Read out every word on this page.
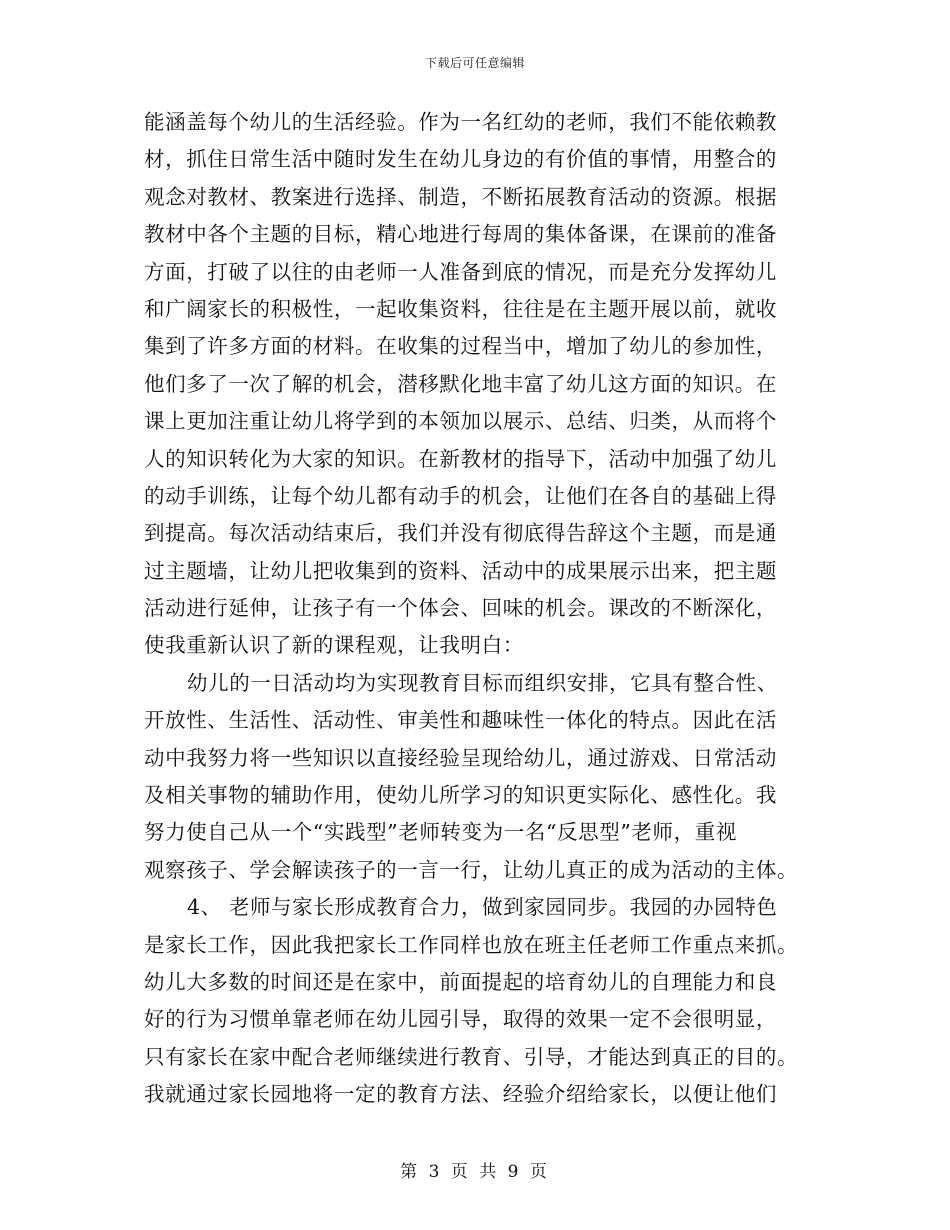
下载后可任意编辑
能涵盖每个幼儿的生活经验。作为一名红幼的老师，我们不能依赖教
材，抓住日常生活中随时发生在幼儿身边的有价值的事情，用整合的
观念对教材、教案进行选择、制造，不断拓展教育活动的资源。根据
教材中各个主题的目标，精心地进行每周的集体备课，在课前的准备
方面，打破了以往的由老师一人准备到底的情况，而是充分发挥幼儿
和广阔家长的积极性，一起收集资料，往往是在主题开展以前，就收
集到了许多方面的材料。在收集的过程当中，增加了幼儿的参加性，
他们多了一次了解的机会，潜移默化地丰富了幼儿这方面的知识。在
课上更加注重让幼儿将学到的本领加以展示、总结、归类，从而将个
人的知识转化为大家的知识。在新教材的指导下，活动中加强了幼儿
的动手训练，让每个幼儿都有动手的机会，让他们在各自的基础上得
到提高。每次活动结束后，我们并没有彻底得告辞这个主题，而是通
过主题墙，让幼儿把收集到的资料、活动中的成果展示出来，把主题
活动进行延伸，让孩子有一个体会、回味的机会。课改的不断深化，
使我重新认识了新的课程观，让我明白：
幼儿的一日活动均为实现教育目标而组织安排，它具有整合性、
开放性、生活性、活动性、审美性和趣味性一体化的特点。因此在活
动中我努力将一些知识以直接经验呈现给幼儿，通过游戏、日常活动
及相关事物的辅助作用，使幼儿所学习的知识更实际化、感性化。我
努力使自己从一个“实践型”老师转变为一名“反思型”老师，重视
观察孩子、学会解读孩子的一言一行，让幼儿真正的成为活动的主体。
4、 老师与家长形成教育合力，做到家园同步。我园的办园特色
是家长工作，因此我把家长工作同样也放在班主任老师工作重点来抓。
幼儿大多数的时间还是在家中，前面提起的培育幼儿的自理能力和良
好的行为习惯单靠老师在幼儿园引导，取得的效果一定不会很明显，
只有家长在家中配合老师继续进行教育、引导，才能达到真正的目的。
我就通过家长园地将一定的教育方法、经验介绍给家长，以便让他们
第 3 页 共 9 页
